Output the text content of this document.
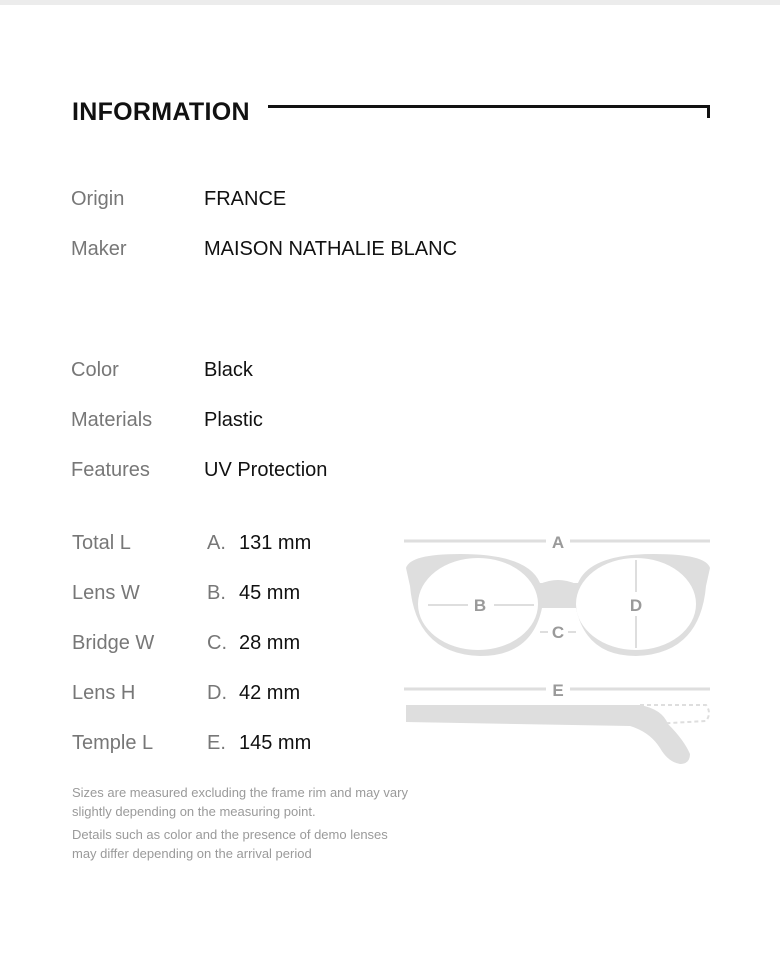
INFORMATION
Origin	FRANCE
Maker	MAISON NATHALIE BLANC
Color	Black
Materials	Plastic
Features	UV Protection
Total L	A. 131 mm
Lens W	B. 45 mm
Bridge W	C. 28 mm
Lens H	D. 42 mm
Temple L	E. 145 mm
A
B	D
C
E
Sizes are measured excluding the frame rim and may vary slightly depending on the measuring point.
Details such as color and the presence of demo lenses may differ depending on the arrival period
